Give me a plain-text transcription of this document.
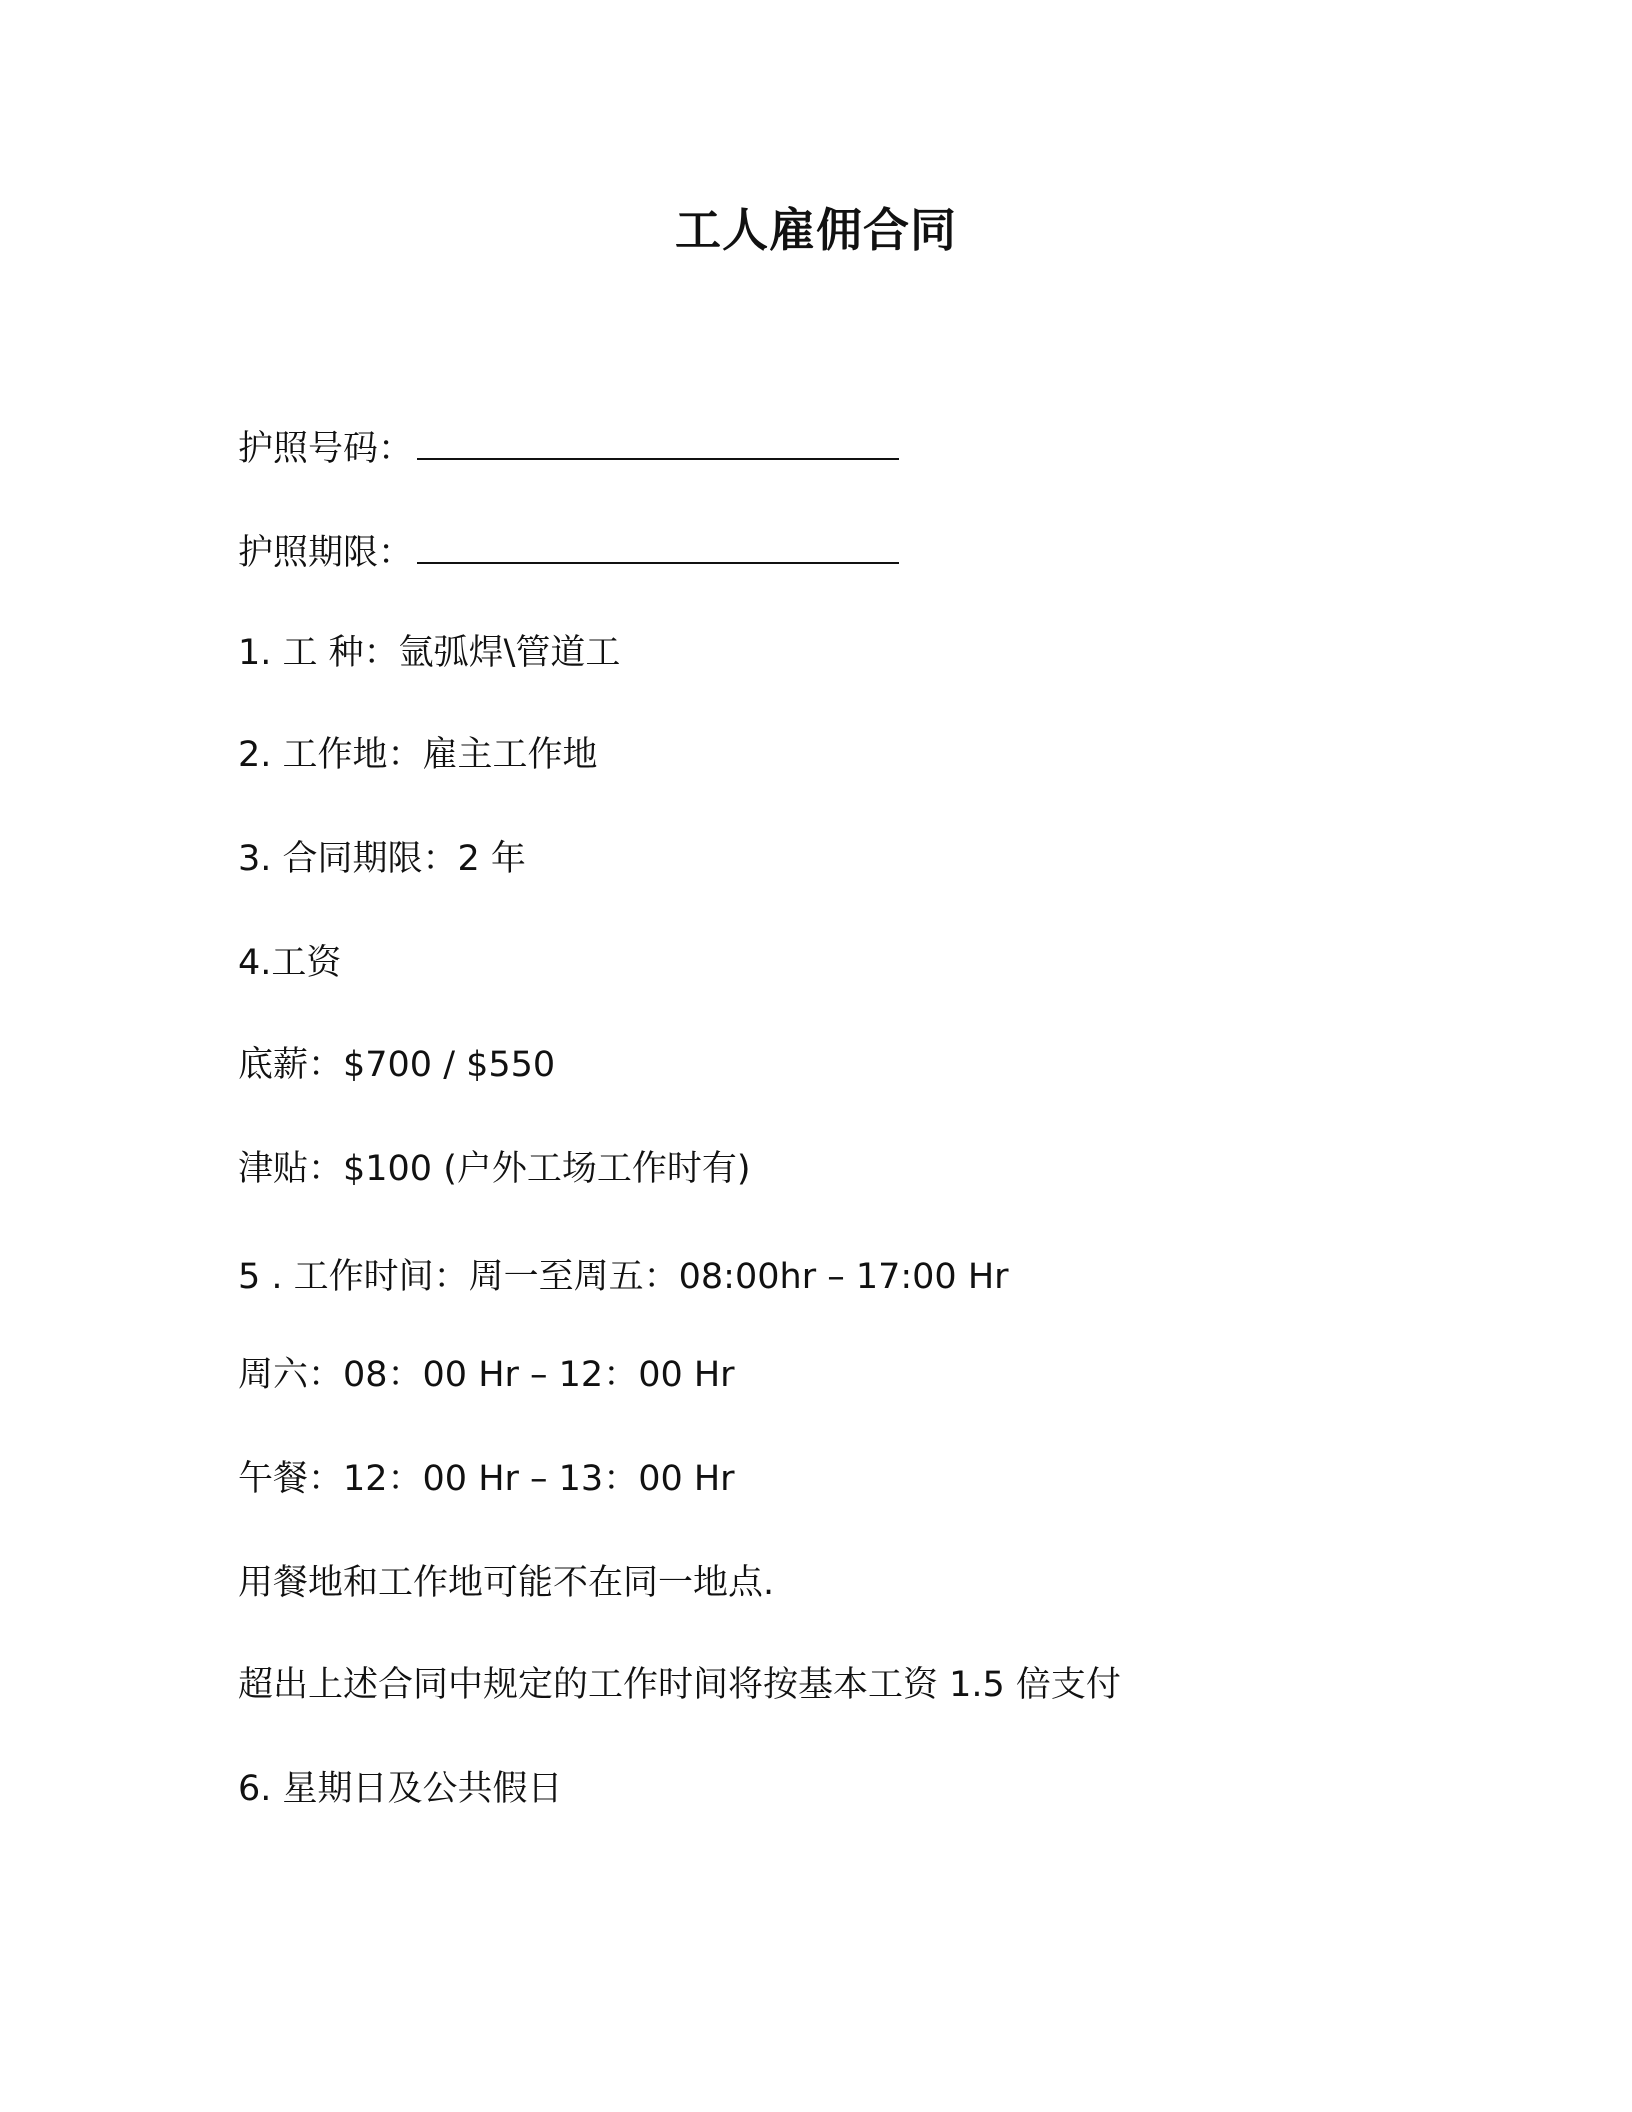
工人雇佣合同

护照号码：

护照期限：

1. 工 种：氩弧焊\管道工

2. 工作地：雇主工作地

3. 合同期限：2 年

4.工资

底薪：$700 / $550

津贴：$100 (户外工场工作时有)

5 . 工作时间：周一至周五：08:00hr – 17:00 Hr

周六：08：00 Hr – 12：00 Hr

午餐：12：00 Hr – 13：00 Hr

用餐地和工作地可能不在同一地点.

超出上述合同中规定的工作时间将按基本工资 1.5 倍支付

6. 星期日及公共假日
